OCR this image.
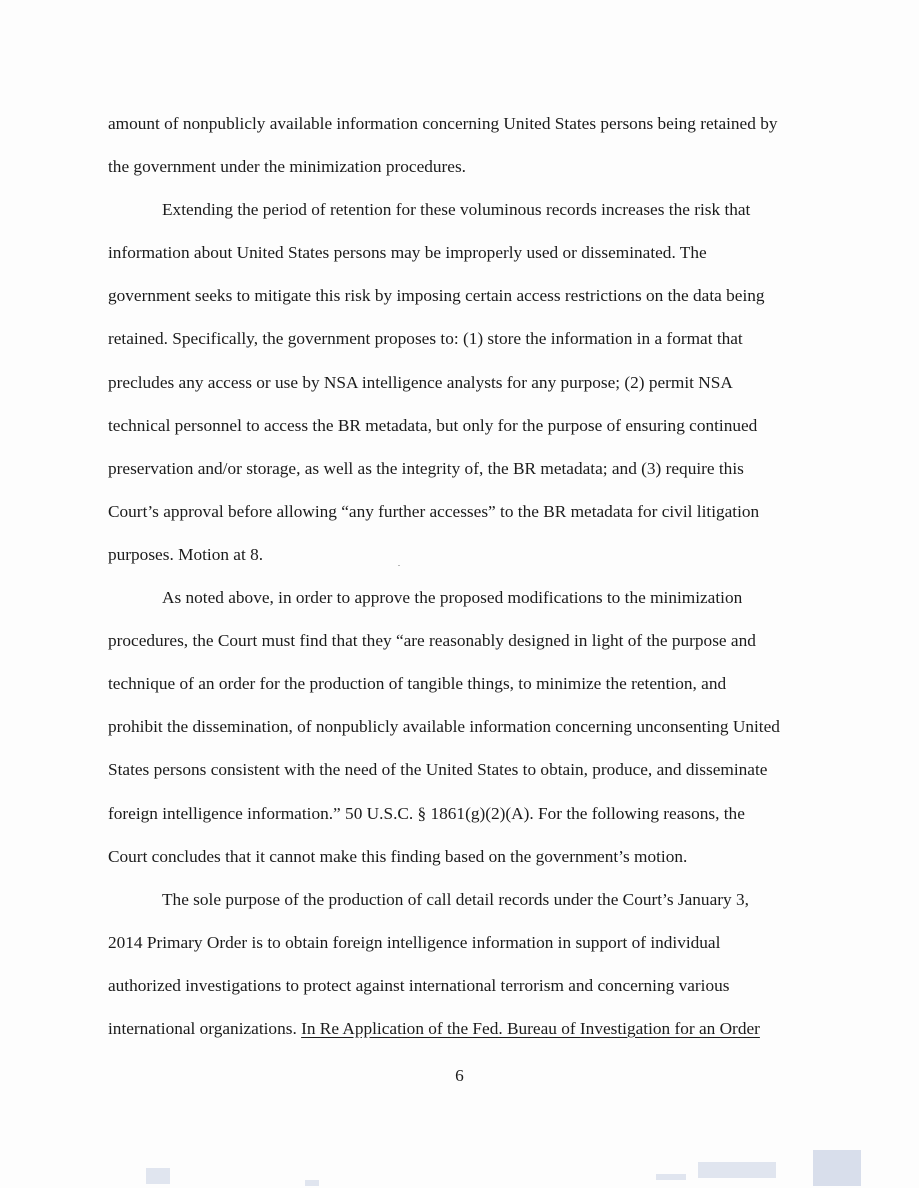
amount of nonpublicly available information concerning United States persons being retained by
the government under the minimization procedures.

Extending the period of retention for these voluminous records increases the risk that
information about United States persons may be improperly used or disseminated. The
government seeks to mitigate this risk by imposing certain access restrictions on the data being
retained. Specifically, the government proposes to: (1) store the information in a format that
precludes any access or use by NSA intelligence analysts for any purpose; (2) permit NSA
technical personnel to access the BR metadata, but only for the purpose of ensuring continued
preservation and/or storage, as well as the integrity of, the BR metadata; and (3) require this
Court’s approval before allowing “any further accesses” to the BR metadata for civil litigation
purposes. Motion at 8.

As noted above, in order to approve the proposed modifications to the minimization
procedures, the Court must find that they “are reasonably designed in light of the purpose and
technique of an order for the production of tangible things, to minimize the retention, and
prohibit the dissemination, of nonpublicly available information concerning unconsenting United
States persons consistent with the need of the United States to obtain, produce, and disseminate
foreign intelligence information.” 50 U.S.C. § 1861(g)(2)(A). For the following reasons, the
Court concludes that it cannot make this finding based on the government’s motion.

The sole purpose of the production of call detail records under the Court’s January 3,
2014 Primary Order is to obtain foreign intelligence information in support of individual
authorized investigations to protect against international terrorism and concerning various
international organizations. In Re Application of the Fed. Bureau of Investigation for an Order

6
